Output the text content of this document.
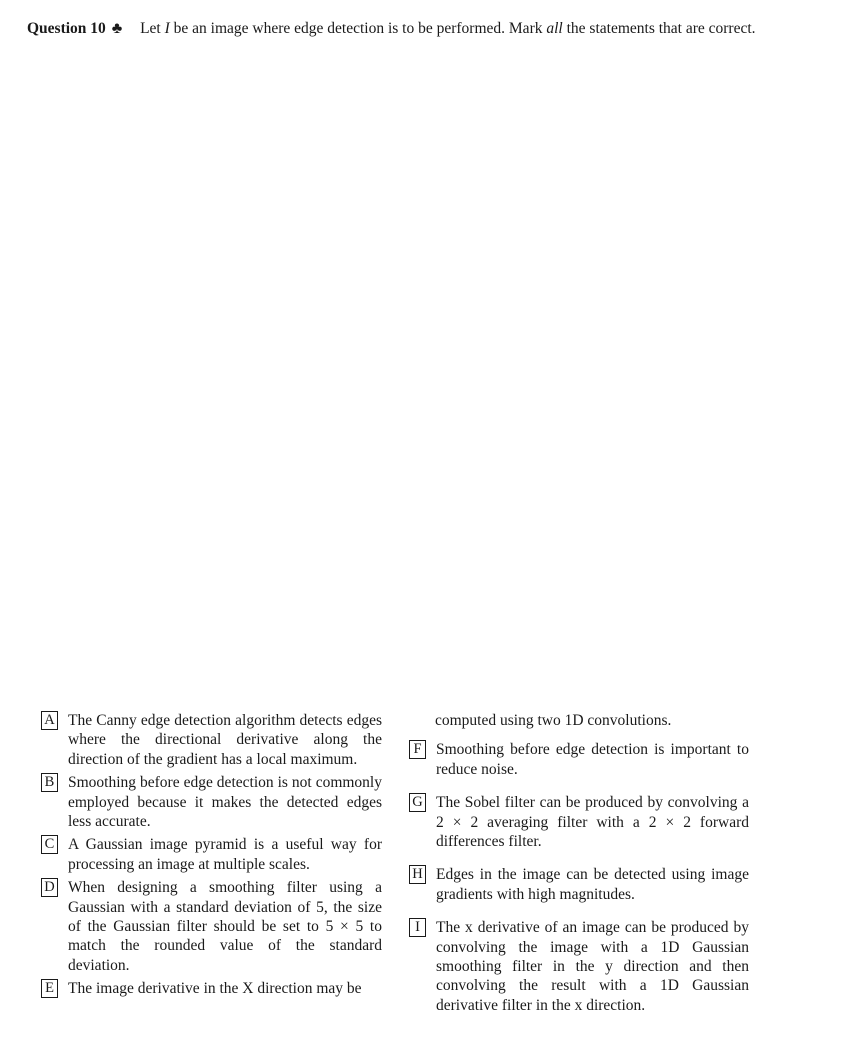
Question 10 ♣ Let I be an image where edge detection is to be performed. Mark all the statements that are correct.
A The Canny edge detection algorithm detects edges where the directional derivative along the direction of the gradient has a local maximum.
B Smoothing before edge detection is not commonly employed because it makes the detected edges less accurate.
C A Gaussian image pyramid is a useful way for processing an image at multiple scales.
D When designing a smoothing filter using a Gaussian with a standard deviation of 5, the size of the Gaussian filter should be set to 5 × 5 to match the rounded value of the standard deviation.
E The image derivative in the X direction may be
computed using two 1D convolutions.
F Smoothing before edge detection is important to reduce noise.
G The Sobel filter can be produced by convolving a 2 × 2 averaging filter with a 2 × 2 forward differences filter.
H Edges in the image can be detected using image gradients with high magnitudes.
I	The x derivative of an image can be produced by convolving the image with a 1D Gaussian smoothing filter in the y direction and then convolving the result with a 1D Gaussian derivative filter in the x direction.
